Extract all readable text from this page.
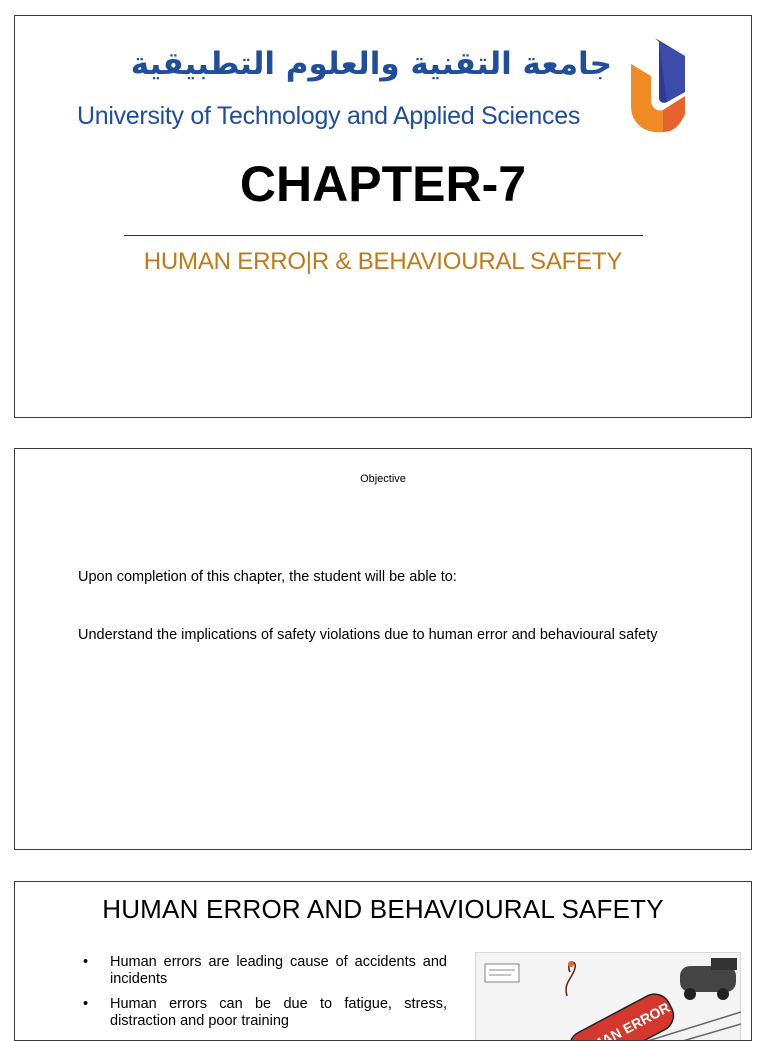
جامعة التقنية والعلوم التطبيقية
University of Technology and Applied Sciences
CHAPTER-7
HUMAN ERRO|R & BEHAVIOURAL SAFETY
Objective
Upon completion of this chapter, the student will be able to:
Understand the implications of safety violations due to human error and behavioural safety
HUMAN ERROR AND BEHAVIOURAL SAFETY
• Human errors are leading cause of accidents and incidents
• Human errors can be due to fatigue, stress, distraction and poor training
